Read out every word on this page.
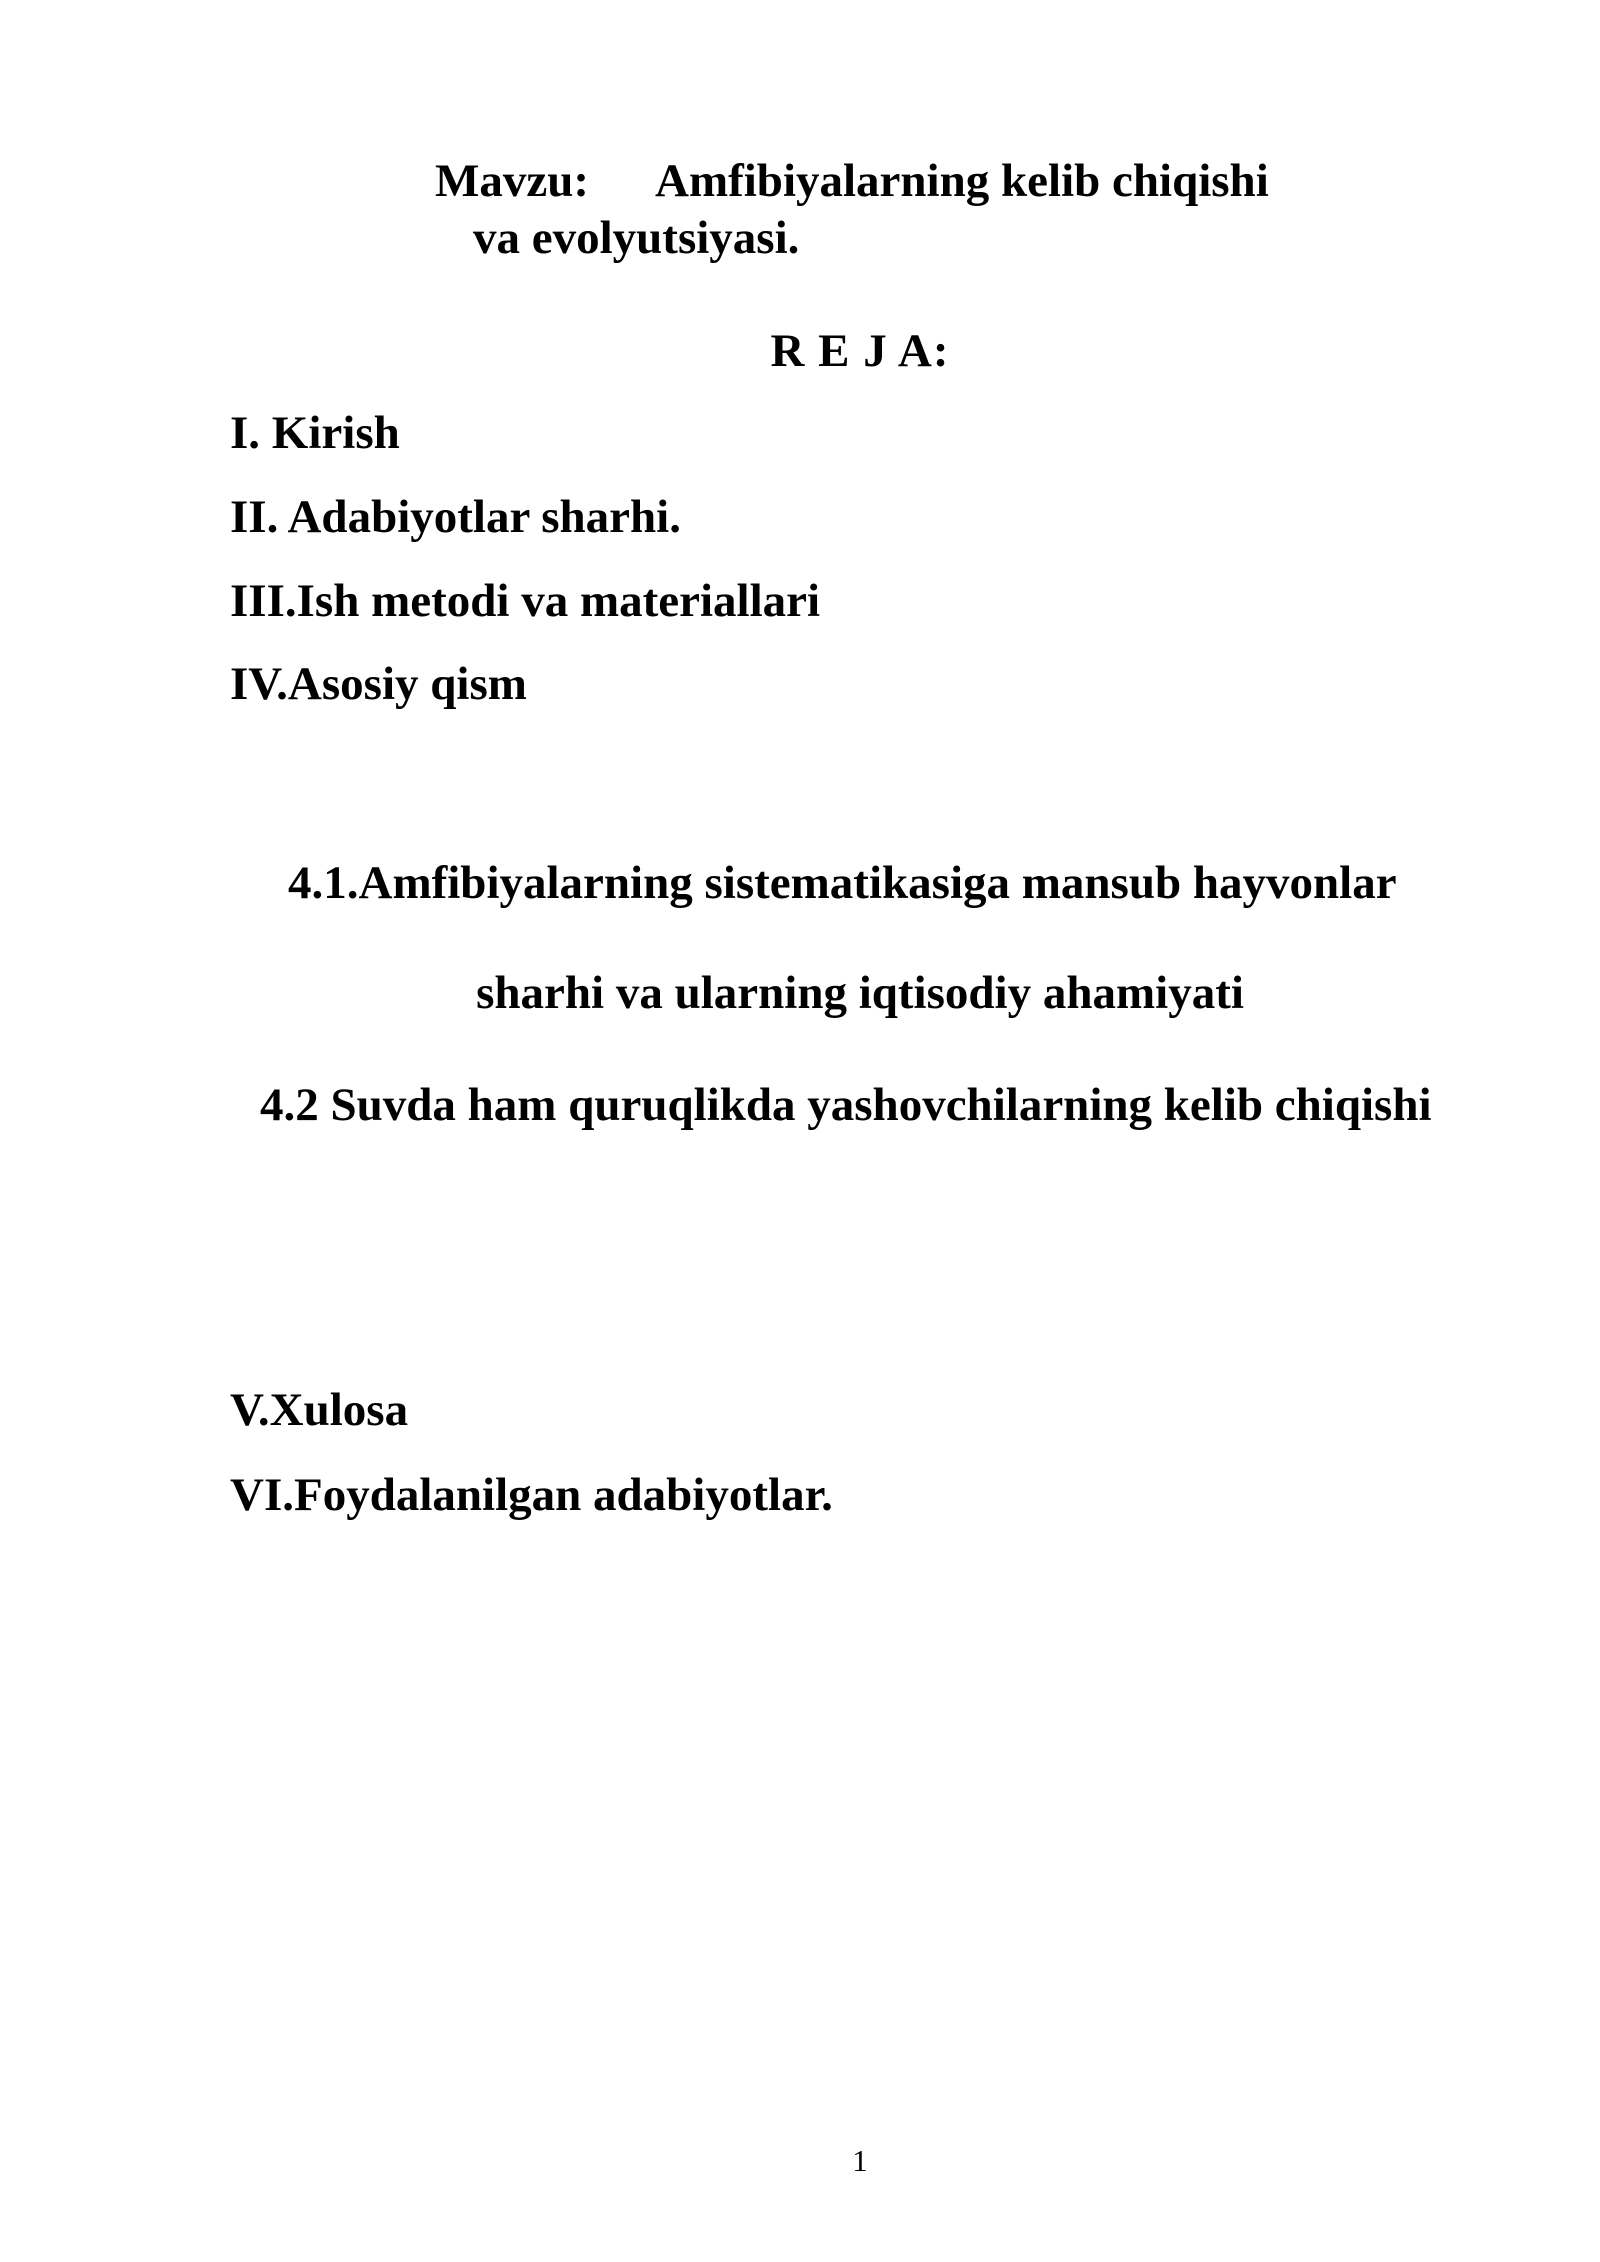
Mavzu: Amfibiyalarning kelib chiqishi
va evolyutsiyasi.
R E J A:
I. Kirish
II. Adabiyotlar sharhi.
III.Ish metodi va materiallari
IV.Asosiy qism
4.1.Amfibiyalarning sistematikasiga mansub hayvonlar
sharhi va ularning iqtisodiy ahamiyati
4.2 Suvda ham quruqlikda yashovchilarning kelib chiqishi
V.Xulosa
VI.Foydalanilgan adabiyotlar.
1
